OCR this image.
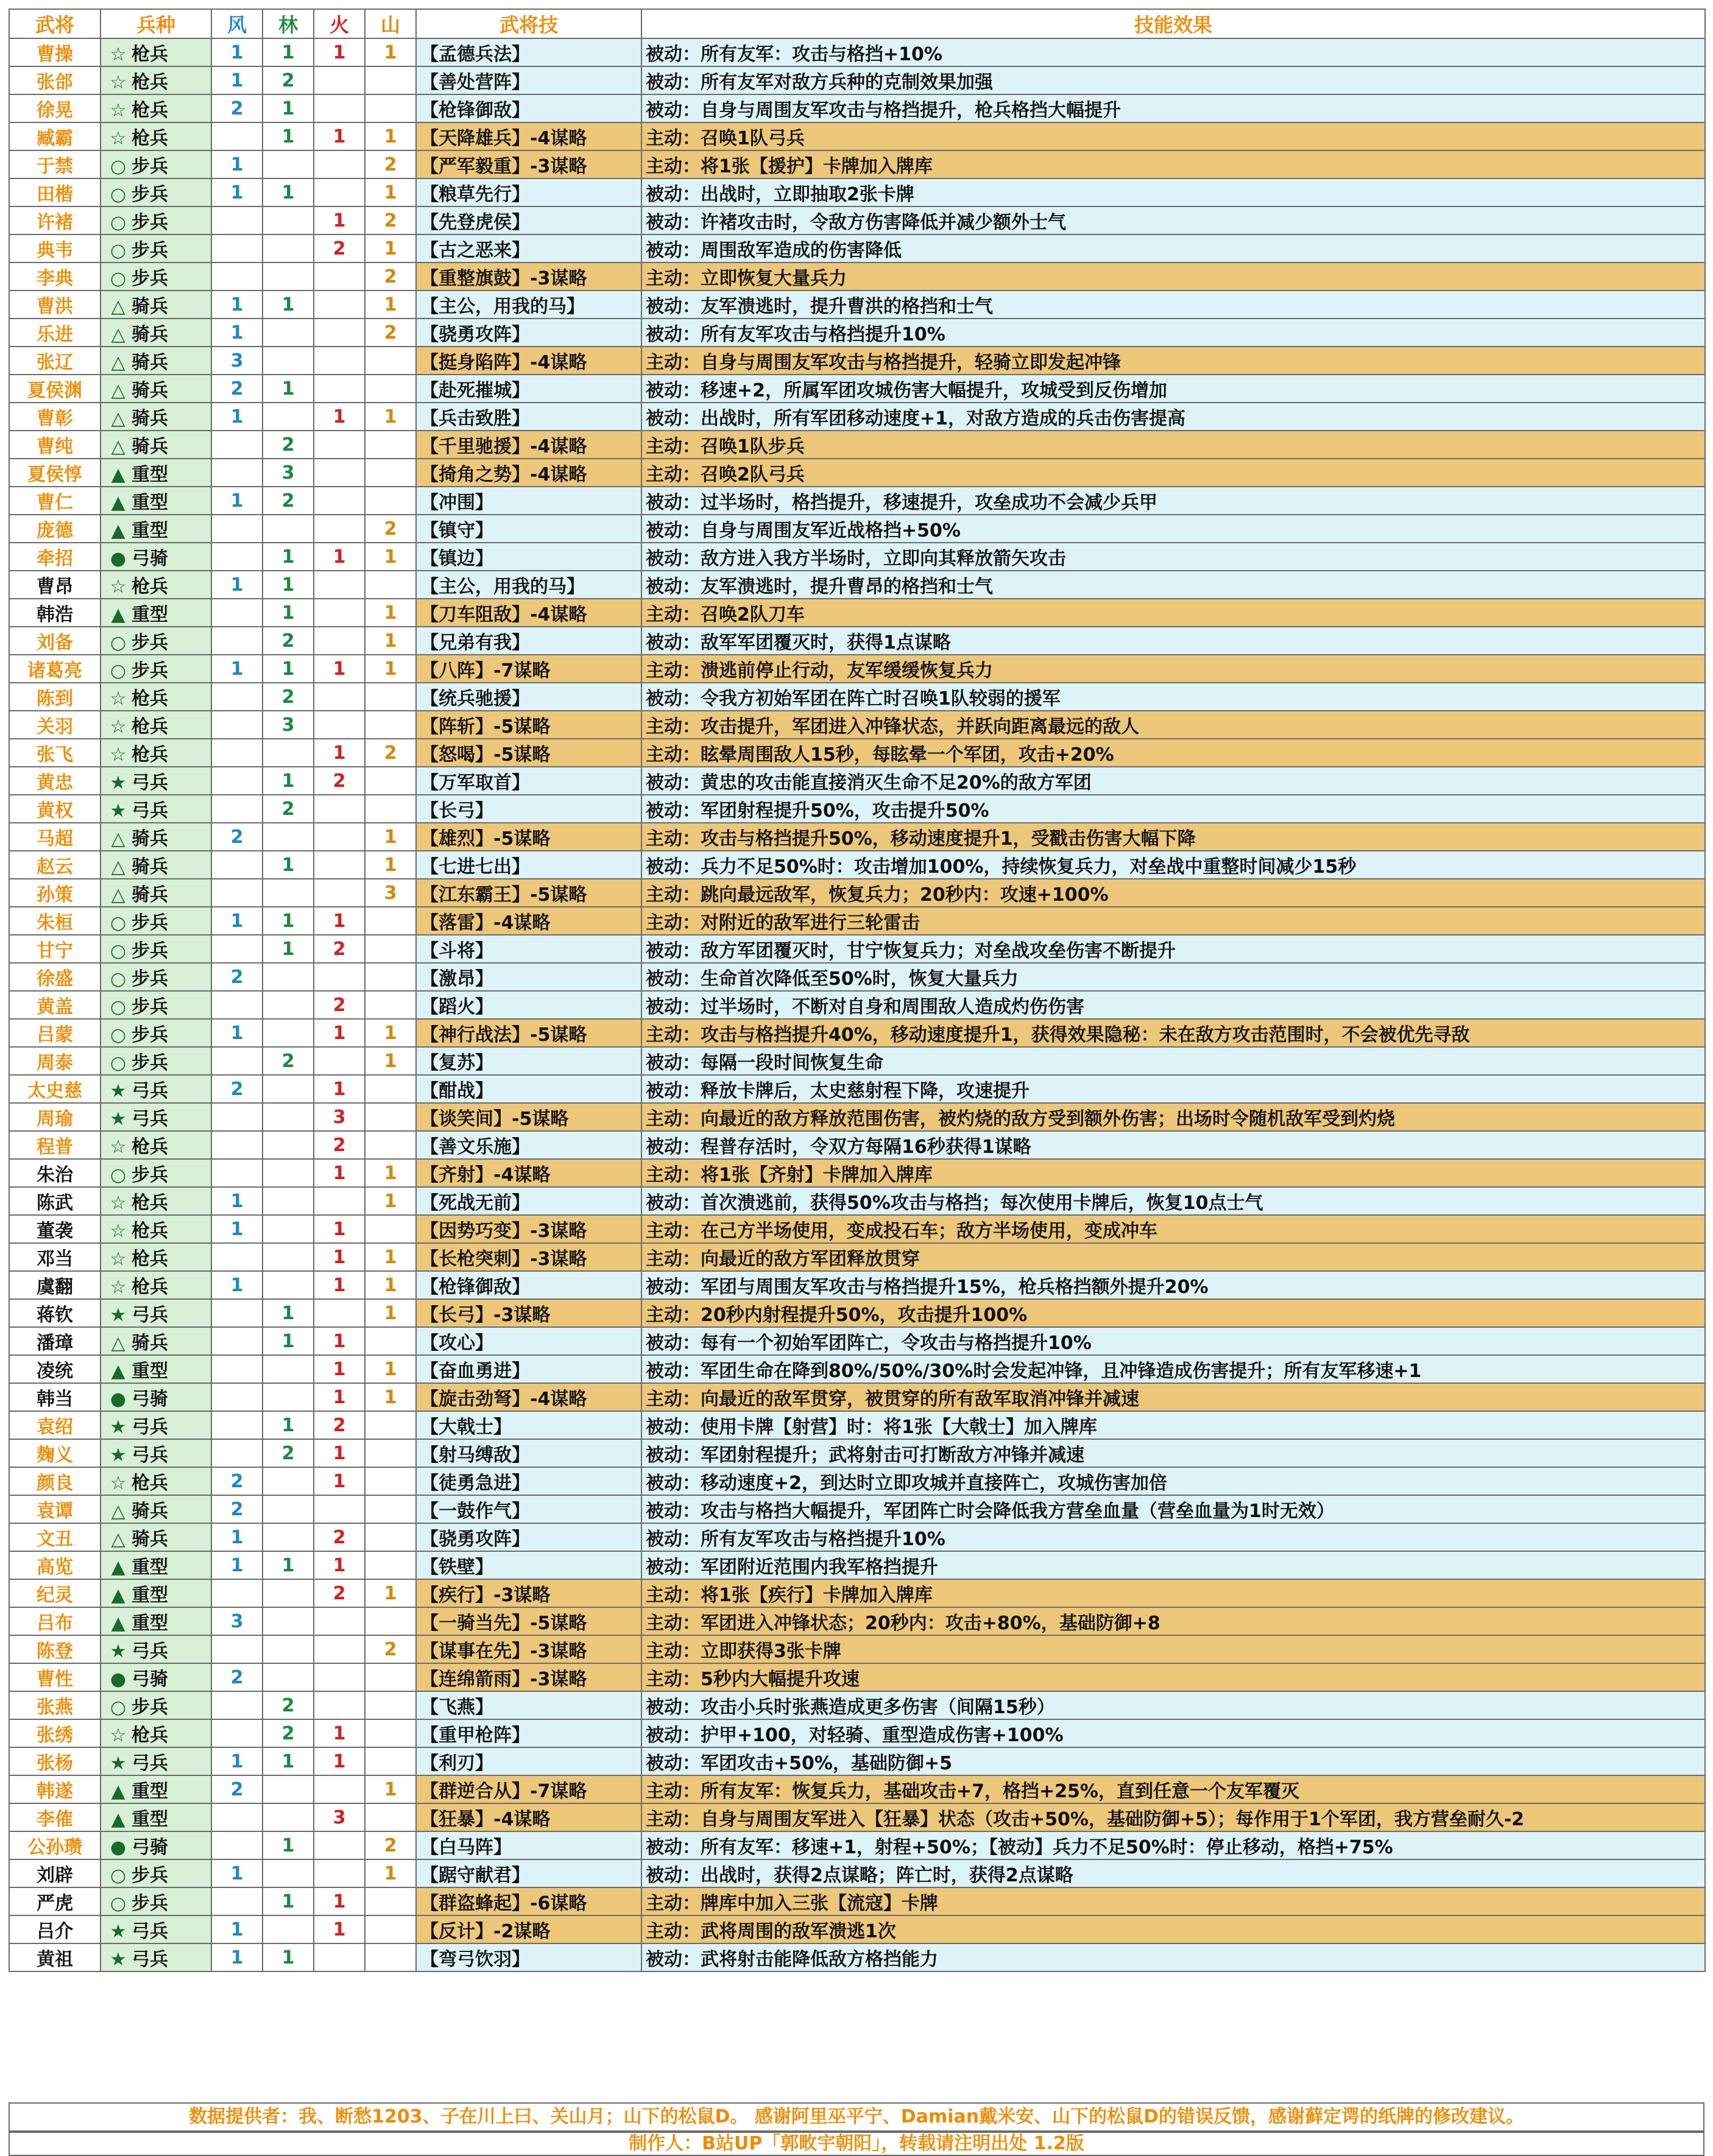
武将	兵种	风	林	火	山	武将技	技能效果
曹操	☆ 枪兵	1	1	1	1	【孟德兵法】	被动：所有友军：攻击与格挡+10%
张郃	☆ 枪兵	1	2			【善处营阵】	被动：所有友军对敌方兵种的克制效果加强
徐晃	☆ 枪兵	2	1			【枪锋御敌】	被动：自身与周围友军攻击与格挡提升，枪兵格挡大幅提升
臧霸	☆ 枪兵		1	1	1	【天降雄兵】-4谋略	主动：召唤1队弓兵
于禁	○ 步兵	1			2	【严军毅重】-3谋略	主动：将1张【援护】卡牌加入牌库
田楷	○ 步兵	1	1		1	【粮草先行】	被动：出战时，立即抽取2张卡牌
许褚	○ 步兵			1	2	【先登虎侯】	被动：许褚攻击时，令敌方伤害降低并减少额外士气
典韦	○ 步兵			2	1	【古之恶来】	被动：周围敌军造成的伤害降低
李典	○ 步兵				2	【重整旗鼓】-3谋略	主动：立即恢复大量兵力
曹洪	△ 骑兵	1	1		1	【主公，用我的马】	被动：友军溃逃时，提升曹洪的格挡和士气
乐进	△ 骑兵	1			2	【骁勇攻阵】	被动：所有友军攻击与格挡提升10%
张辽	△ 骑兵	3				【挺身陷阵】-4谋略	主动：自身与周围友军攻击与格挡提升，轻骑立即发起冲锋
夏侯渊	△ 骑兵	2	1			【赴死摧城】	被动：移速+2，所属军团攻城伤害大幅提升，攻城受到反伤增加
曹彰	△ 骑兵	1		1	1	【兵击致胜】	被动：出战时，所有军团移动速度+1，对敌方造成的兵击伤害提高
曹纯	△ 骑兵		2			【千里驰援】-4谋略	主动：召唤1队步兵
夏侯惇	▲ 重型		3			【掎角之势】-4谋略	主动：召唤2队弓兵
曹仁	▲ 重型	1	2			【冲围】	被动：过半场时，格挡提升，移速提升，攻垒成功不会减少兵甲
庞德	▲ 重型				2	【镇守】	被动：自身与周围友军近战格挡+50%
牵招	● 弓骑		1	1	1	【镇边】	被动：敌方进入我方半场时，立即向其释放箭矢攻击
曹昂	☆ 枪兵	1	1			【主公，用我的马】	被动：友军溃逃时，提升曹昂的格挡和士气
韩浩	▲ 重型		1		1	【刀车阻敌】-4谋略	主动：召唤2队刀车
刘备	○ 步兵		2		1	【兄弟有我】	被动：敌军军团覆灭时，获得1点谋略
诸葛亮	○ 步兵	1	1	1	1	【八阵】-7谋略	主动：溃逃前停止行动，友军缓缓恢复兵力
陈到	☆ 枪兵		2			【统兵驰援】	被动：令我方初始军团在阵亡时召唤1队较弱的援军
关羽	☆ 枪兵		3			【阵斩】-5谋略	主动：攻击提升，军团进入冲锋状态，并跃向距离最远的敌人
张飞	☆ 枪兵			1	2	【怒喝】-5谋略	主动：眩晕周围敌人15秒，每眩晕一个军团，攻击+20%
黄忠	★ 弓兵		1	2		【万军取首】	被动：黄忠的攻击能直接消灭生命不足20%的敌方军团
黄权	★ 弓兵		2			【长弓】	被动：军团射程提升50%，攻击提升50%
马超	△ 骑兵	2			1	【雄烈】-5谋略	主动：攻击与格挡提升50%，移动速度提升1，受戳击伤害大幅下降
赵云	△ 骑兵		1		1	【七进七出】	被动：兵力不足50%时：攻击增加100%，持续恢复兵力，对垒战中重整时间减少15秒
孙策	△ 骑兵				3	【江东霸王】-5谋略	主动：跳向最远敌军，恢复兵力；20秒内：攻速+100%
朱桓	○ 步兵	1	1	1		【落雷】-4谋略	主动：对附近的敌军进行三轮雷击
甘宁	○ 步兵		1	2		【斗将】	被动：敌方军团覆灭时，甘宁恢复兵力；对垒战攻垒伤害不断提升
徐盛	○ 步兵	2				【激昂】	被动：生命首次降低至50%时，恢复大量兵力
黄盖	○ 步兵			2		【蹈火】	被动：过半场时，不断对自身和周围敌人造成灼伤伤害
吕蒙	○ 步兵	1		1	1	【神行战法】-5谋略	主动：攻击与格挡提升40%，移动速度提升1，获得效果隐秘：未在敌方攻击范围时，不会被优先寻敌
周泰	○ 步兵		2		1	【复苏】	被动：每隔一段时间恢复生命
太史慈	★ 弓兵	2		1		【酣战】	被动：释放卡牌后，太史慈射程下降，攻速提升
周瑜	★ 弓兵			3		【谈笑间】-5谋略	主动：向最近的敌方释放范围伤害，被灼烧的敌方受到额外伤害；出场时令随机敌军受到灼烧
程普	☆ 枪兵			2		【善文乐施】	被动：程普存活时，令双方每隔16秒获得1谋略
朱治	○ 步兵			1	1	【齐射】-4谋略	主动：将1张【齐射】卡牌加入牌库
陈武	☆ 枪兵	1			1	【死战无前】	被动：首次溃逃前，获得50%攻击与格挡；每次使用卡牌后，恢复10点士气
董袭	☆ 枪兵	1		1		【因势巧变】-3谋略	主动：在己方半场使用，变成投石车；敌方半场使用，变成冲车
邓当	☆ 枪兵			1	1	【长枪突刺】-3谋略	主动：向最近的敌方军团释放贯穿
虞翻	☆ 枪兵	1		1	1	【枪锋御敌】	被动：军团与周围友军攻击与格挡提升15%，枪兵格挡额外提升20%
蒋钦	★ 弓兵		1		1	【长弓】-3谋略	主动：20秒内射程提升50%，攻击提升100%
潘璋	△ 骑兵		1	1		【攻心】	被动：每有一个初始军团阵亡，令攻击与格挡提升10%
凌统	▲ 重型			1	1	【奋血勇进】	被动：军团生命在降到80%/50%/30%时会发起冲锋，且冲锋造成伤害提升；所有友军移速+1
韩当	● 弓骑			1	1	【旋击劲弩】-4谋略	主动：向最近的敌军贯穿，被贯穿的所有敌军取消冲锋并减速
袁绍	★ 弓兵		1	2		【大戟士】	被动：使用卡牌【射营】时：将1张【大戟士】加入牌库
麹义	★ 弓兵		2	1		【射马缚敌】	被动：军团射程提升；武将射击可打断敌方冲锋并减速
颜良	☆ 枪兵	2		1		【徒勇急进】	被动：移动速度+2，到达时立即攻城并直接阵亡，攻城伤害加倍
袁谭	△ 骑兵	2				【一鼓作气】	被动：攻击与格挡大幅提升，军团阵亡时会降低我方营垒血量（营垒血量为1时无效）
文丑	△ 骑兵	1		2		【骁勇攻阵】	被动：所有友军攻击与格挡提升10%
高览	▲ 重型	1	1	1		【铁壁】	被动：军团附近范围内我军格挡提升
纪灵	▲ 重型			2	1	【疾行】-3谋略	主动：将1张【疾行】卡牌加入牌库
吕布	▲ 重型	3				【一骑当先】-5谋略	主动：军团进入冲锋状态；20秒内：攻击+80%，基础防御+8
陈登	★ 弓兵				2	【谋事在先】-3谋略	主动：立即获得3张卡牌
曹性	● 弓骑	2				【连绵箭雨】-3谋略	主动：5秒内大幅提升攻速
张燕	○ 步兵		2			【飞燕】	被动：攻击小兵时张燕造成更多伤害（间隔15秒）
张绣	☆ 枪兵		2	1		【重甲枪阵】	被动：护甲+100，对轻骑、重型造成伤害+100%
张杨	★ 弓兵	1	1	1		【利刃】	被动：军团攻击+50%，基础防御+5
韩遂	▲ 重型	2			1	【群逆合从】-7谋略	主动：所有友军：恢复兵力，基础攻击+7，格挡+25%，直到任意一个友军覆灭
李傕	▲ 重型			3		【狂暴】-4谋略	主动：自身与周围友军进入【狂暴】状态（攻击+50%，基础防御+5）；每作用于1个军团，我方营垒耐久-2
公孙瓒	● 弓骑		1		2	【白马阵】	被动：所有友军：移速+1，射程+50%；【被动】兵力不足50%时：停止移动，格挡+75%
刘辟	○ 步兵	1			1	【踞守献君】	被动：出战时，获得2点谋略；阵亡时，获得2点谋略
严虎	○ 步兵		1	1		【群盗蜂起】-6谋略	主动：牌库中加入三张【流寇】卡牌
吕介	★ 弓兵	1		1		【反计】-2谋略	主动：武将周围的敌军溃逃1次
黄祖	★ 弓兵	1	1			【弯弓饮羽】	被动：武将射击能降低敌方格挡能力
数据提供者：我、断愁1203、子在川上曰、关山月；山下的松鼠D。 感谢阿里巫平宁、Damian戴米安、山下的松鼠D的错误反馈，感谢藓定谔的纸牌的修改建议。
制作人：B站UP「郭畋宇朝阳」，转载请注明出处 1.2版
